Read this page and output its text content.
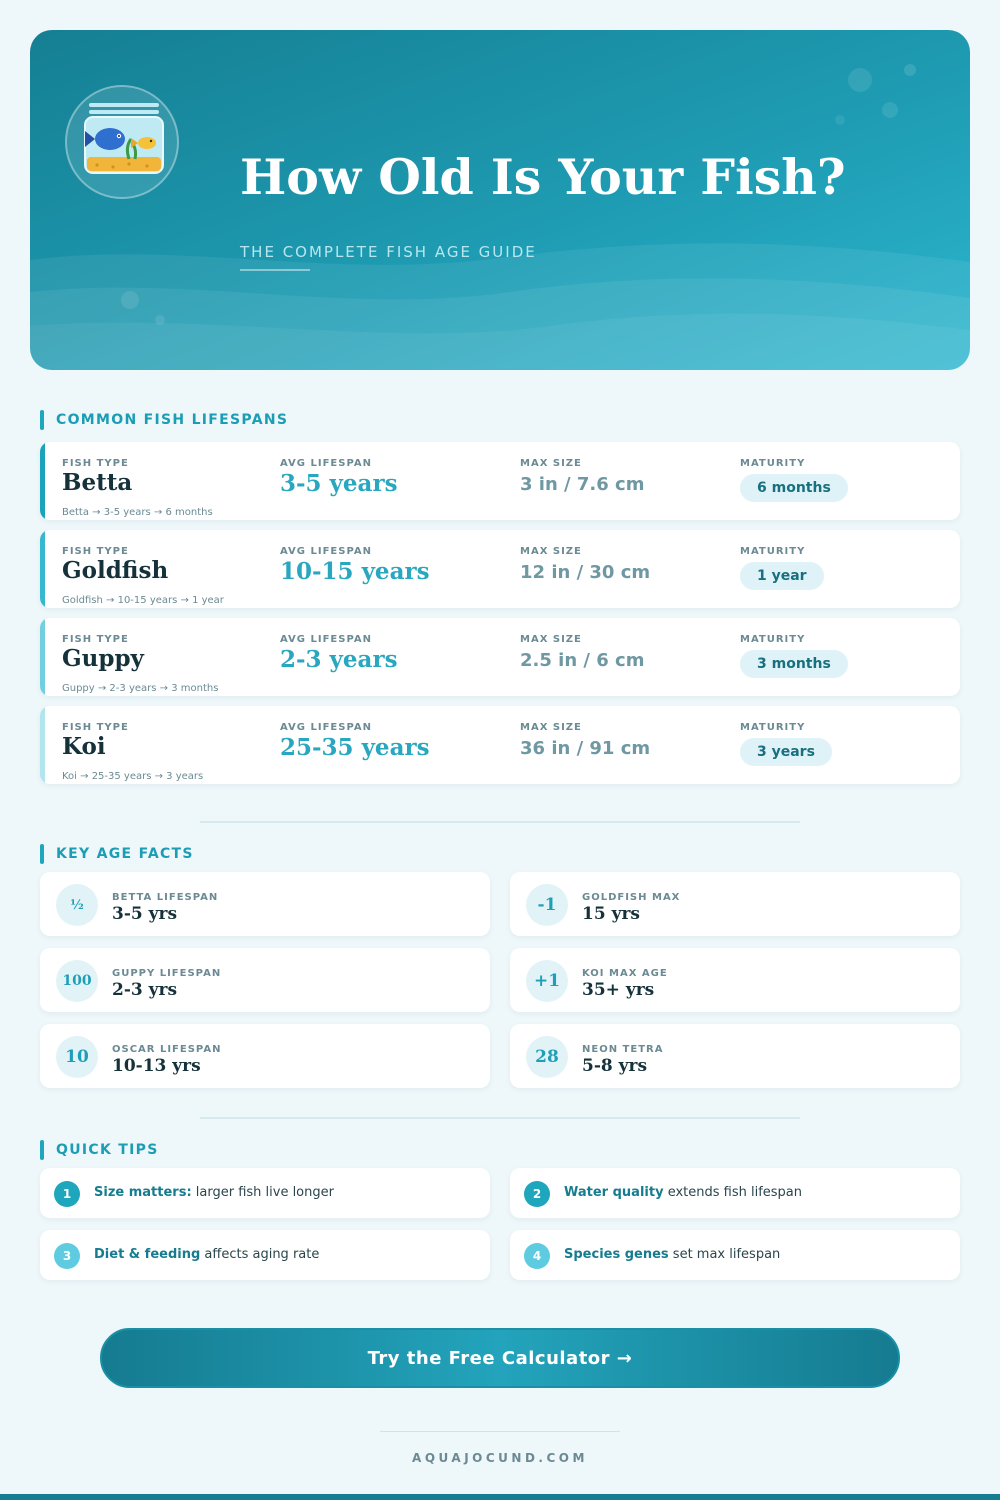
How Old Is Your Fish?
THE COMPLETE FISH AGE GUIDE
COMMON FISH LIFESPANS
FISH TYPE	AVG LIFESPAN	MAX SIZE	MATURITY
Betta	3-5 years	3 in / 7.6 cm	6 months
Betta → 3-5 years → 6 months
FISH TYPE	AVG LIFESPAN	MAX SIZE	MATURITY
Goldfish	10-15 years	12 in / 30 cm	1 year
Goldfish → 10-15 years → 1 year
FISH TYPE	AVG LIFESPAN	MAX SIZE	MATURITY
Guppy	2-3 years	2.5 in / 6 cm	3 months
Guppy → 2-3 years → 3 months
FISH TYPE	AVG LIFESPAN	MAX SIZE	MATURITY
Koi	25-35 years	36 in / 91 cm	3 years
Koi → 25-35 years → 3 years
KEY AGE FACTS
½	BETTA LIFESPAN
3-5 yrs	-1	GOLDFISH MAX
15 yrs
100	GUPPY LIFESPAN
2-3 yrs	+1	KOI MAX AGE
35+ yrs
10	OSCAR LIFESPAN
10-13 yrs	28	NEON TETRA
5-8 yrs
QUICK TIPS
1	Size matters: larger fish live longer	2	Water quality extends fish lifespan
3	Diet & feeding affects aging rate	4	Species genes set max lifespan
Try the Free Calculator →
AQUAJOCUND.COM
